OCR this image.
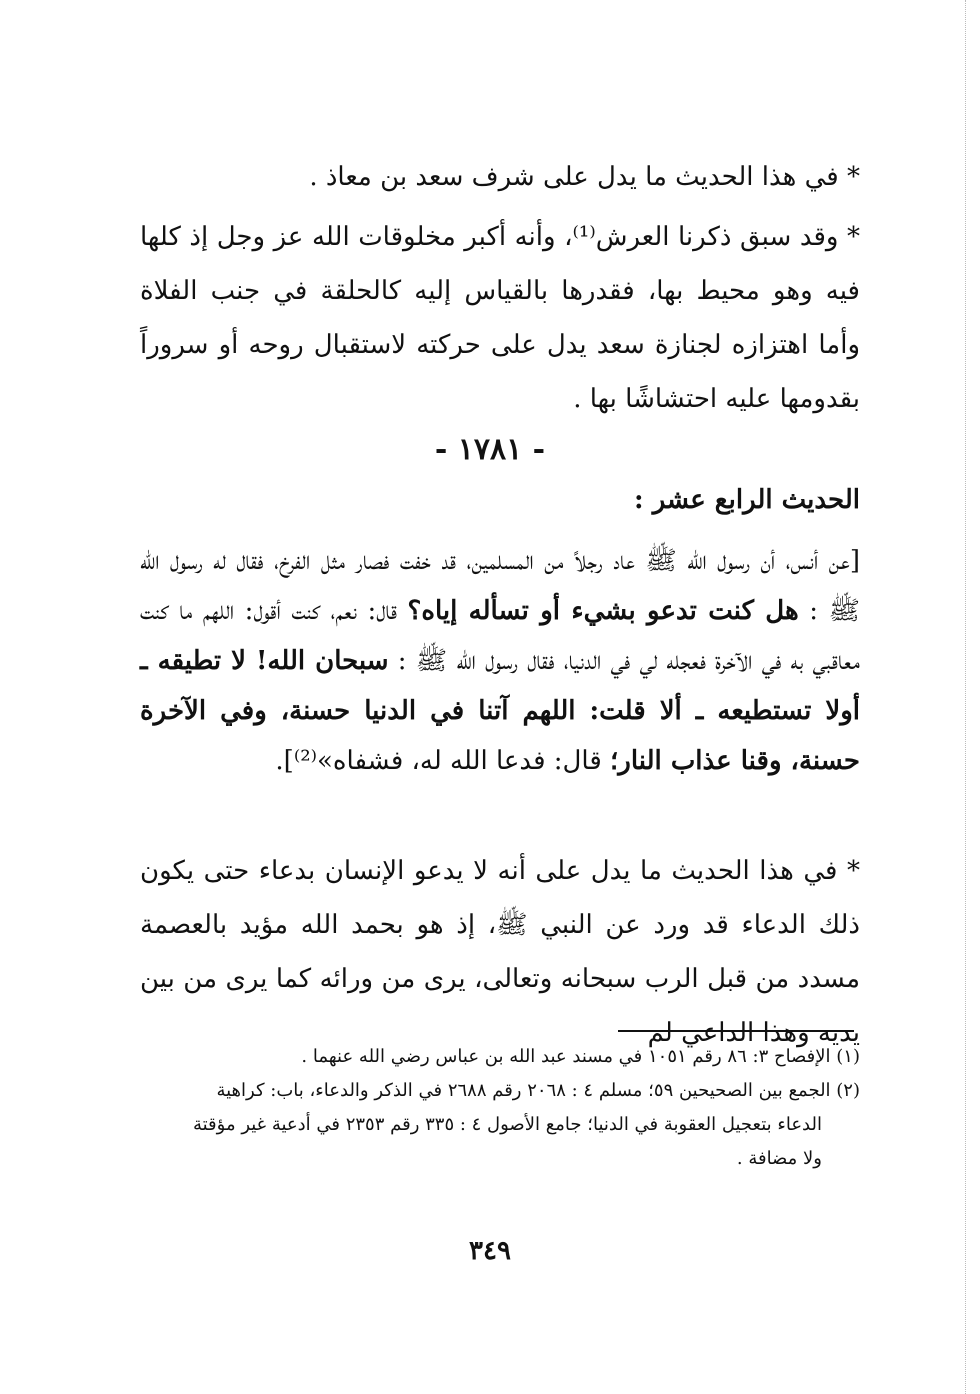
* في هذا الحديث ما يدل على شرف سعد بن معاذ .

* وقد سبق ذكرنا العرش⁽¹⁾، وأنه أكبر مخلوقات الله عز وجل إذ كلها فيه وهو محيط بها، فقدرها بالقياس إليه كالحلقة في جنب الفلاة وأما اهتزازه لجنازة سعد يدل على حركته لاستقبال روحه أو سروراً بقدومها عليه احتشاشًا بها .

- ١٧٨١ -
الحديث الرابع عشر :

[عن أنس، أن رسول الله ﷺ عاد رجلاً من المسلمين، قد خفت فصار مثل الفرخ، فقال له رسول الله ﷺ : هل كنت تدعو بشيء أو تسأله إياه؟ قال: نعم، كنت أقول: اللهم ما كنت معاقبي به في الآخرة فعجله لي في الدنيا، فقال رسول الله ﷺ : سبحان الله! لا تطيقه ـ أولا تستطيعه ـ ألا قلت: اللهم آتنا في الدنيا حسنة، وفي الآخرة حسنة، وقنا عذاب النار؛ قال: فدعا الله له، فشفاه»⁽²⁾].

* في هذا الحديث ما يدل على أنه لا يدعو الإنسان بدعاء حتى يكون ذلك الدعاء قد ورد عن النبي ﷺ، إذ هو بحمد الله مؤيد بالعصمة مسدد من قبل الرب سبحانه وتعالى، يرى من ورائه كما يرى من بين يديه وهذا الداعي لم

(١) الإفصاح ٣: ٨٦ رقم ١٠٥١ في مسند عبد الله بن عباس رضي الله عنهما .

(٢) الجمع بين الصحيحين ٥٩؛ مسلم ٤ : ٢٠٦٨ رقم ٢٦٨٨ في الذكر والدعاء، باب: كراهية

الدعاء بتعجيل العقوبة في الدنيا؛ جامع الأصول ٤ : ٣٣٥ رقم ٢٣٥٣ في أدعية غير مؤقتة

ولا مضافة .

٣٤٩
